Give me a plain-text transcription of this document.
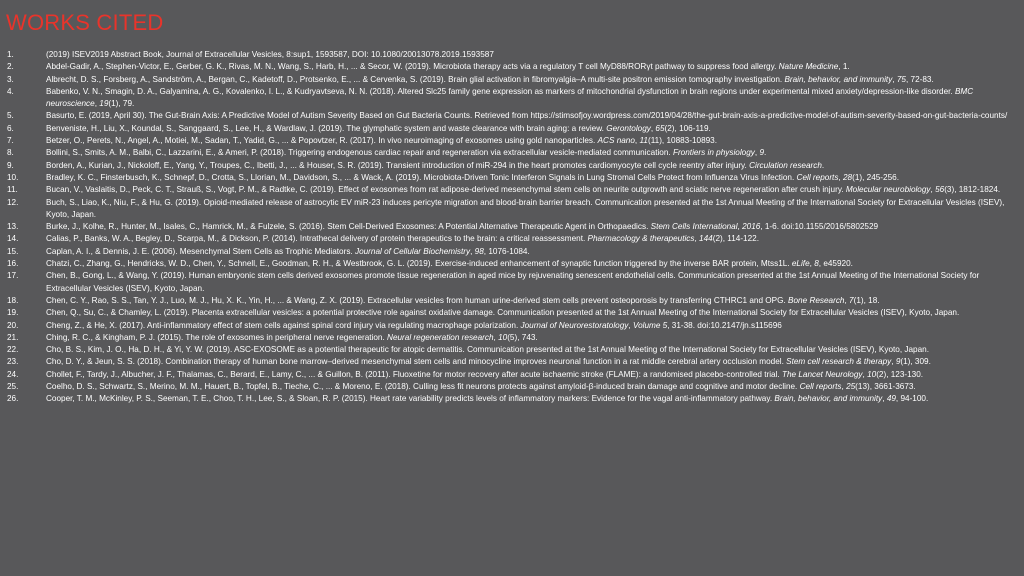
WORKS CITED
1.	(2019) ISEV2019 Abstract Book, Journal of Extracellular Vesicles, 8:sup1, 1593587, DOI: 10.1080/20013078.2019.1593587
2.	Abdel-Gadir, A., Stephen-Victor, E., Gerber, G. K., Rivas, M. N., Wang, S., Harb, H., ... & Secor, W. (2019). Microbiota therapy acts via a regulatory T cell MyD88/RORγt pathway to suppress food allergy. Nature Medicine, 1.
3.	Albrecht, D. S., Forsberg, A., Sandström, A., Bergan, C., Kadetoff, D., Protsenko, E., ... & Cervenka, S. (2019). Brain glial activation in fibromyalgia–A multi-site positron emission tomography investigation. Brain, behavior, and immunity, 75, 72-83.
4.	Babenko, V. N., Smagin, D. A., Galyamina, A. G., Kovalenko, I. L., & Kudryavtseva, N. N. (2018). Altered Slc25 family gene expression as markers of mitochondrial dysfunction in brain regions under experimental mixed anxiety/depression-like disorder. BMC neuroscience, 19(1), 79.
5.	Basurto, E. (2019, April 30). The Gut-Brain Axis: A Predictive Model of Autism Severity Based on Gut Bacteria Counts. Retrieved from https://stimsofjoy.wordpress.com/2019/04/28/the-gut-brain-axis-a-predictive-model-of-autism-severity-based-on-gut-bacteria-counts/
6.	Benveniste, H., Liu, X., Koundal, S., Sanggaard, S., Lee, H., & Wardlaw, J. (2019). The glymphatic system and waste clearance with brain aging: a review. Gerontology, 65(2), 106-119.
7.	Betzer, O., Perets, N., Angel, A., Motiei, M., Sadan, T., Yadid, G., ... & Popovtzer, R. (2017). In vivo neuroimaging of exosomes using gold nanoparticles. ACS nano, 11(11), 10883-10893.
8.	Bollini, S., Smits, A. M., Balbi, C., Lazzarini, E., & Ameri, P. (2018). Triggering endogenous cardiac repair and regeneration via extracellular vesicle-mediated communication. Frontiers in physiology, 9.
9.	Borden, A., Kurian, J., Nickoloff, E., Yang, Y., Troupes, C., Ibetti, J., ... & Houser, S. R. (2019). Transient introduction of miR-294 in the heart promotes cardiomyocyte cell cycle reentry after injury. Circulation research.
10.	Bradley, K. C., Finsterbusch, K., Schnepf, D., Crotta, S., Llorian, M., Davidson, S., ... & Wack, A. (2019). Microbiota-Driven Tonic Interferon Signals in Lung Stromal Cells Protect from Influenza Virus Infection. Cell reports, 28(1), 245-256.
11.	Bucan, V., Vaslaitis, D., Peck, C. T., Strauß, S., Vogt, P. M., & Radtke, C. (2019). Effect of exosomes from rat adipose-derived mesenchymal stem cells on neurite outgrowth and sciatic nerve regeneration after crush injury. Molecular neurobiology, 56(3), 1812-1824.
12.	Buch, S., Liao, K., Niu, F., & Hu, G. (2019). Opioid-mediated release of astrocytic EV miR-23 induces pericyte migration and blood-brain barrier breach. Communication presented at the 1st Annual Meeting of the International Society for Extracellular Vesicles (ISEV), Kyoto, Japan.
13.	Burke, J., Kolhe, R., Hunter, M., Isales, C., Hamrick, M., & Fulzele, S. (2016). Stem Cell-Derived Exosomes: A Potential Alternative Therapeutic Agent in Orthopaedics. Stem Cells International, 2016, 1-6. doi:10.1155/2016/5802529
14.	Calias, P., Banks, W. A., Begley, D., Scarpa, M., & Dickson, P. (2014). Intrathecal delivery of protein therapeutics to the brain: a critical reassessment. Pharmacology & therapeutics, 144(2), 114-122.
15.	Caplan, A. I., & Dennis, J. E. (2006). Mesenchymal Stem Cells as Trophic Mediators. Journal of Cellular Biochemistry, 98, 1076-1084.
16.	Chatzi, C., Zhang, G., Hendricks, W. D., Chen, Y., Schnell, E., Goodman, R. H., & Westbrook, G. L. (2019). Exercise-induced enhancement of synaptic function triggered by the inverse BAR protein, Mtss1L. eLife, 8, e45920.
17.	Chen, B., Gong, L., & Wang, Y. (2019). Human embryonic stem cells derived exosomes promote tissue regeneration in aged mice by rejuvenating senescent endothelial cells. Communication presented at the 1st Annual Meeting of the International Society for Extracellular Vesicles (ISEV), Kyoto, Japan.
18.	Chen, C. Y., Rao, S. S., Tan, Y. J., Luo, M. J., Hu, X. K., Yin, H., ... & Wang, Z. X. (2019). Extracellular vesicles from human urine-derived stem cells prevent osteoporosis by transferring CTHRC1 and OPG. Bone Research, 7(1), 18.
19.	Chen, Q., Su, C., & Chamley, L. (2019). Placenta extracellular vesicles: a potential protective role against oxidative damage. Communication presented at the 1st Annual Meeting of the International Society for Extracellular Vesicles (ISEV), Kyoto, Japan.
20.	Cheng, Z., & He, X. (2017). Anti-inflammatory effect of stem cells against spinal cord injury via regulating macrophage polarization. Journal of Neurorestoratology, Volume 5, 31-38. doi:10.2147/jn.s115696
21.	Ching, R. C., & Kingham, P. J. (2015). The role of exosomes in peripheral nerve regeneration. Neural regeneration research, 10(5), 743.
22.	Cho, B. S., Kim, J. O., Ha, D. H., & Yi, Y. W. (2019). ASC-EXOSOME as a potential therapeutic for atopic dermatitis. Communication presented at the 1st Annual Meeting of the International Society for Extracellular Vesicles (ISEV), Kyoto, Japan.
23.	Cho, D. Y., & Jeun, S. S. (2018). Combination therapy of human bone marrow–derived mesenchymal stem cells and minocycline improves neuronal function in a rat middle cerebral artery occlusion model. Stem cell research & therapy, 9(1), 309.
24.	Chollet, F., Tardy, J., Albucher, J. F., Thalamas, C., Berard, E., Lamy, C., ... & Guillon, B. (2011). Fluoxetine for motor recovery after acute ischaemic stroke (FLAME): a randomised placebo-controlled trial. The Lancet Neurology, 10(2), 123-130.
25.	Coelho, D. S., Schwartz, S., Merino, M. M., Hauert, B., Topfel, B., Tieche, C., ... & Moreno, E. (2018). Culling less fit neurons protects against amyloid-β-induced brain damage and cognitive and motor decline. Cell reports, 25(13), 3661-3673.
26.	Cooper, T. M., McKinley, P. S., Seeman, T. E., Choo, T. H., Lee, S., & Sloan, R. P. (2015). Heart rate variability predicts levels of inflammatory markers: Evidence for the vagal anti-inflammatory pathway. Brain, behavior, and immunity, 49, 94-100.
